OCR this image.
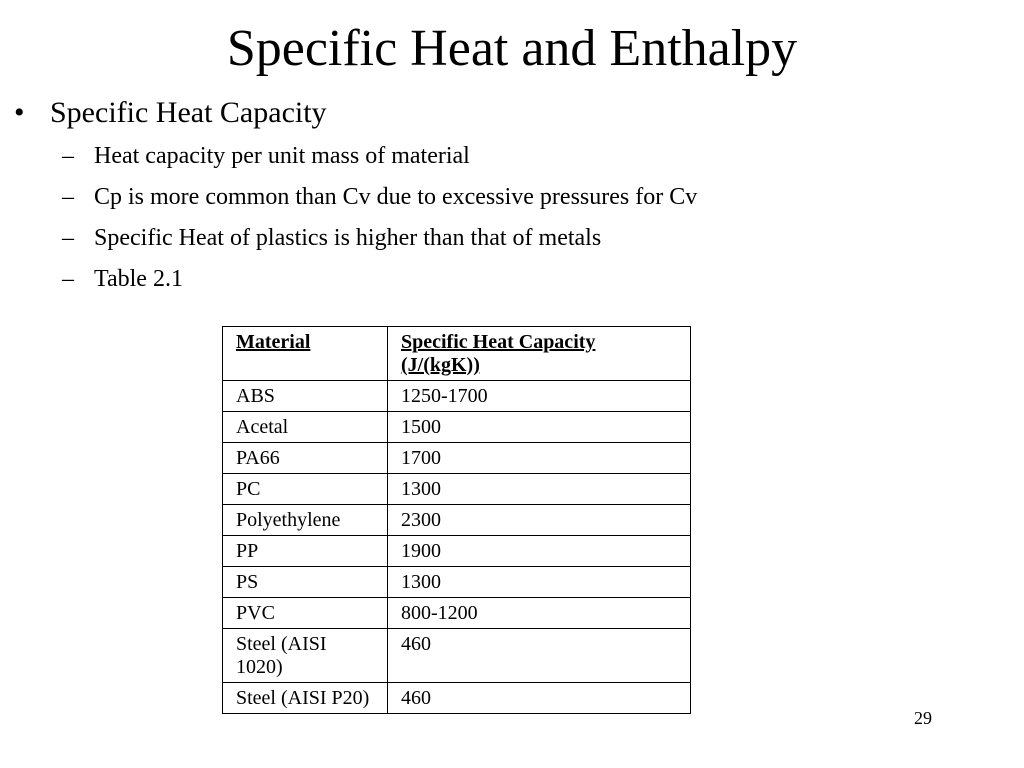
Specific Heat and Enthalpy
• Specific Heat Capacity
– Heat capacity per unit mass of material
– Cp is more common than Cv due to excessive pressures for Cv
– Specific Heat of plastics is higher than that of metals
– Table 2.1
Material	Specific Heat Capacity (J/(kgK))
ABS	1250-1700
Acetal	1500
PA66	1700
PC	1300
Polyethylene	2300
PP	1900
PS	1300
PVC	800-1200
Steel (AISI 1020)	460
Steel (AISI P20)	460
29
